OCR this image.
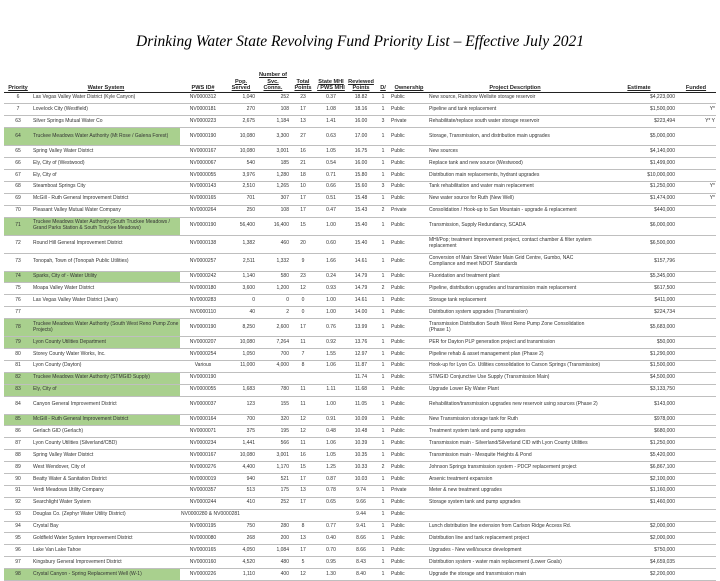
Drinking Water State Revolving Fund Priority List – Effective July 2021
Priority	Water System	PWS ID#	Pop. Served	Number of Svc. Conns.	Total Points	State MHI / PWS MHI	Reviewed Points	D/	Ownership	Project Description	Estimate	Funded
6	Las Vegas Valley Water District (Kyle Canyon)	NV0000312	1,040	252	23	0.37	18.82	1	Public	New source, Rainbow Wellsite storage reservoir	$4,223,000	
7	Lovelock City (Westfield)	NV0000181	270	108	17	1.08	18.16	1	Public	Pipeline and tank replacement	$1,500,000	Y*
63	Silver Springs Mutual Water Co	NV0000223	2,675	1,184	13	1.41	16.00	3	Private	Rehabilitate/replace south water storage reservoir	$223,494	Y* Y
64	Truckee Meadows Water Authority (Mt Rose / Galena Forest)	NV0000190	10,080	3,300	27	0.63	17.00	1	Public	Storage, Transmission, and distribution main upgrades	$5,000,000	
65	Spring Valley Water District	NV0000167	10,080	3,001	16	1.05	16.75	1	Public	New sources	$4,140,000	
66	Ely, City of (Westwood)	NV0000067	540	185	21	0.54	16.00	1	Public	Replace tank and new source (Westwood)	$1,499,000	
67	Ely, City of	NV0000055	3,976	1,280	18	0.71	15.80	1	Public	Distribution main replacements, hydrant upgrades	$10,000,000	
68	Steamboat Springs City	NV0000143	2,510	1,265	10	0.66	15.60	3	Public	Tank rehabilitation and water main replacement	$1,250,000	Y*
69	McGill - Ruth General Improvement District	NV0000165	701	307	17	0.51	15.48	1	Public	New water source for Ruth (New Well)	$1,474,000	Y*
70	Pleasant Valley Mutual Water Company	NV0000264	250	108	17	0.47	15.43	2	Private	Consolidation / Hook-up to Sun Mountain - upgrade & replacement	$440,000	
71	Truckee Meadows Water Authority (South Truckee Meadows / Grand Parks Station & South Truckee Meadows)	NV0000190	56,400	16,400	15	1.00	15.40	1	Public	Transmission, Supply Redundancy, SCADA	$6,000,000	
72	Round Hill General Improvement District	NV0000138	1,382	460	20	0.60	15.40	1	Public	MHI/Pop; treatment improvement project, contact chamber & filter system replacement	$6,500,000	
73	Tonopah, Town of (Tonopah Public Utilities)	NV0000257	2,511	1,332	9	1.66	14.61	1	Public	Conversion of Main Street Water Main Grid Centre, Gumbo, NAC Compliance and meet NDOT Standards	$157,796	
74	Sparks, City of - Water Utility	NV0000242	1,140	580	23	0.24	14.79	1	Public	Fluoridation and treatment plant	$5,345,000	
75	Moapa Valley Water District	NV0000180	3,600	1,200	12	0.93	14.79	2	Public	Pipeline, distribution upgrades and transmission main replacement	$617,500	
76	Las Vegas Valley Water District (Jean)	NV0000283	0	0	0	1.00	14.61	1	Public	Storage tank replacement	$411,000	
77		NV0000110	40	2	0	1.00	14.00	1	Public	Distribution system upgrades (Transmission)	$224,734	
78	Truckee Meadows Water Authority (South West Reno Pump Zone Projects)	NV0000190	8,250	2,600	17	0.76	13.99	1	Public	Transmission Distribution South West Reno Pump Zone Consolidation (Phase 1)	$5,683,000	
79	Lyon County Utilities Department	NV0000207	10,080	7,264	11	0.92	13.76	1	Public	PER for Dayton PLP generation project and transmission	$50,000	
80	Storey County Water Works, Inc.	NV0000254	1,050	700	7	1.55	12.97	1	Public	Pipeline rehab & asset management plan (Phase 2)	$1,290,000	
81	Lyon County (Dayton)	Various	11,000	4,000	8	1.06	11.87	1	Public	Hook-up for Lyon Co. Utilities consolidation to Carson Springs (Transmission)	$1,500,000	
82	Truckee Meadows Water Authority (STMGID Supply)	NV0000190					11.74	1	Public	STMGID Conjunctive Use Supply (Transmission Main)	$4,500,000	
83	Ely, City of	NV0000055	1,683	780	11	1.11	11.68	1	Public	Upgrade Lower Ely Water Plant	$3,133,750	
84	Canyon General Improvement District	NV0000037	123	155	11	1.00	11.05	1	Public	Rehabilitation/transmission upgrades new reservoir using sources (Phase 2)	$143,000	
85	McGill - Ruth General Improvement District	NV0000164	700	320	12	0.91	10.09	1	Public	New Transmission storage tank for Ruth	$978,000	
86	Gerlach GID (Gerlach)	NV0000071	375	195	12	0.48	10.48	1	Public	Treatment system tank and pump upgrades	$680,000	
87	Lyon County Utilities (Silverland/CBD)	NV0000234	1,441	566	11	1.06	10.39	1	Public	Transmission main - Silverland/Silverland CID with Lyon County Utilities	$1,250,000	
88	Spring Valley Water District	NV0000167	10,080	3,001	16	1.05	10.35	1	Public	Transmission main - Mesquite Heights & Pond	$5,420,000	
89	West Wendover, City of	NV0000276	4,400	1,170	15	1.25	10.33	2	Public	Johnson Springs transmission system - PDCP replacement project	$6,867,100	
90	Beatty Water & Sanitation District	NV0000019	940	521	17	0.87	10.03	1	Public	Arsenic treatment expansion	$2,100,000	
91	Verdi Meadows Utility Company	NV0000357	513	175	13	0.78	9.74	1	Private	Meter & new treatment upgrades	$1,160,000	
92	Searchlight Water System	NV0000244	410	252	17	0.65	9.66	1	Public	Storage system tank and pump upgrades	$1,460,000	
93	Douglas Co. (Zephyr Water Utility District)	NV0000280 & NV0000281					9.44	1	Public			
94	Crystal Bay	NV0000195	750	280	8	0.77	9.41	1	Public	Lunch distribution line extension from Carlson Ridge Access Rd.	$2,000,000	
95	Goldfield Water System Improvement District	NV0000080	268	200	13	0.40	8.66	1	Public	Distribution line and tank replacement project	$2,000,000	
96	Lake Van Lake Tahoe	NV0000165	4,050	1,084	17	0.70	8.66	1	Public	Upgrades - New well/source development	$750,000	
97	Kingsbury General Improvement District	NV0000160	4,520	480	5	0.95	8.43	1	Public	Distribution system - water main replacement (Lower Goals)	$4,659,035	
98	Crystal Canyon - Spring Replacement Well (W-1)	NV0000226	1,110	400	12	1.30	8.40	1	Public	Upgrade the storage and transmission main	$2,200,000	
